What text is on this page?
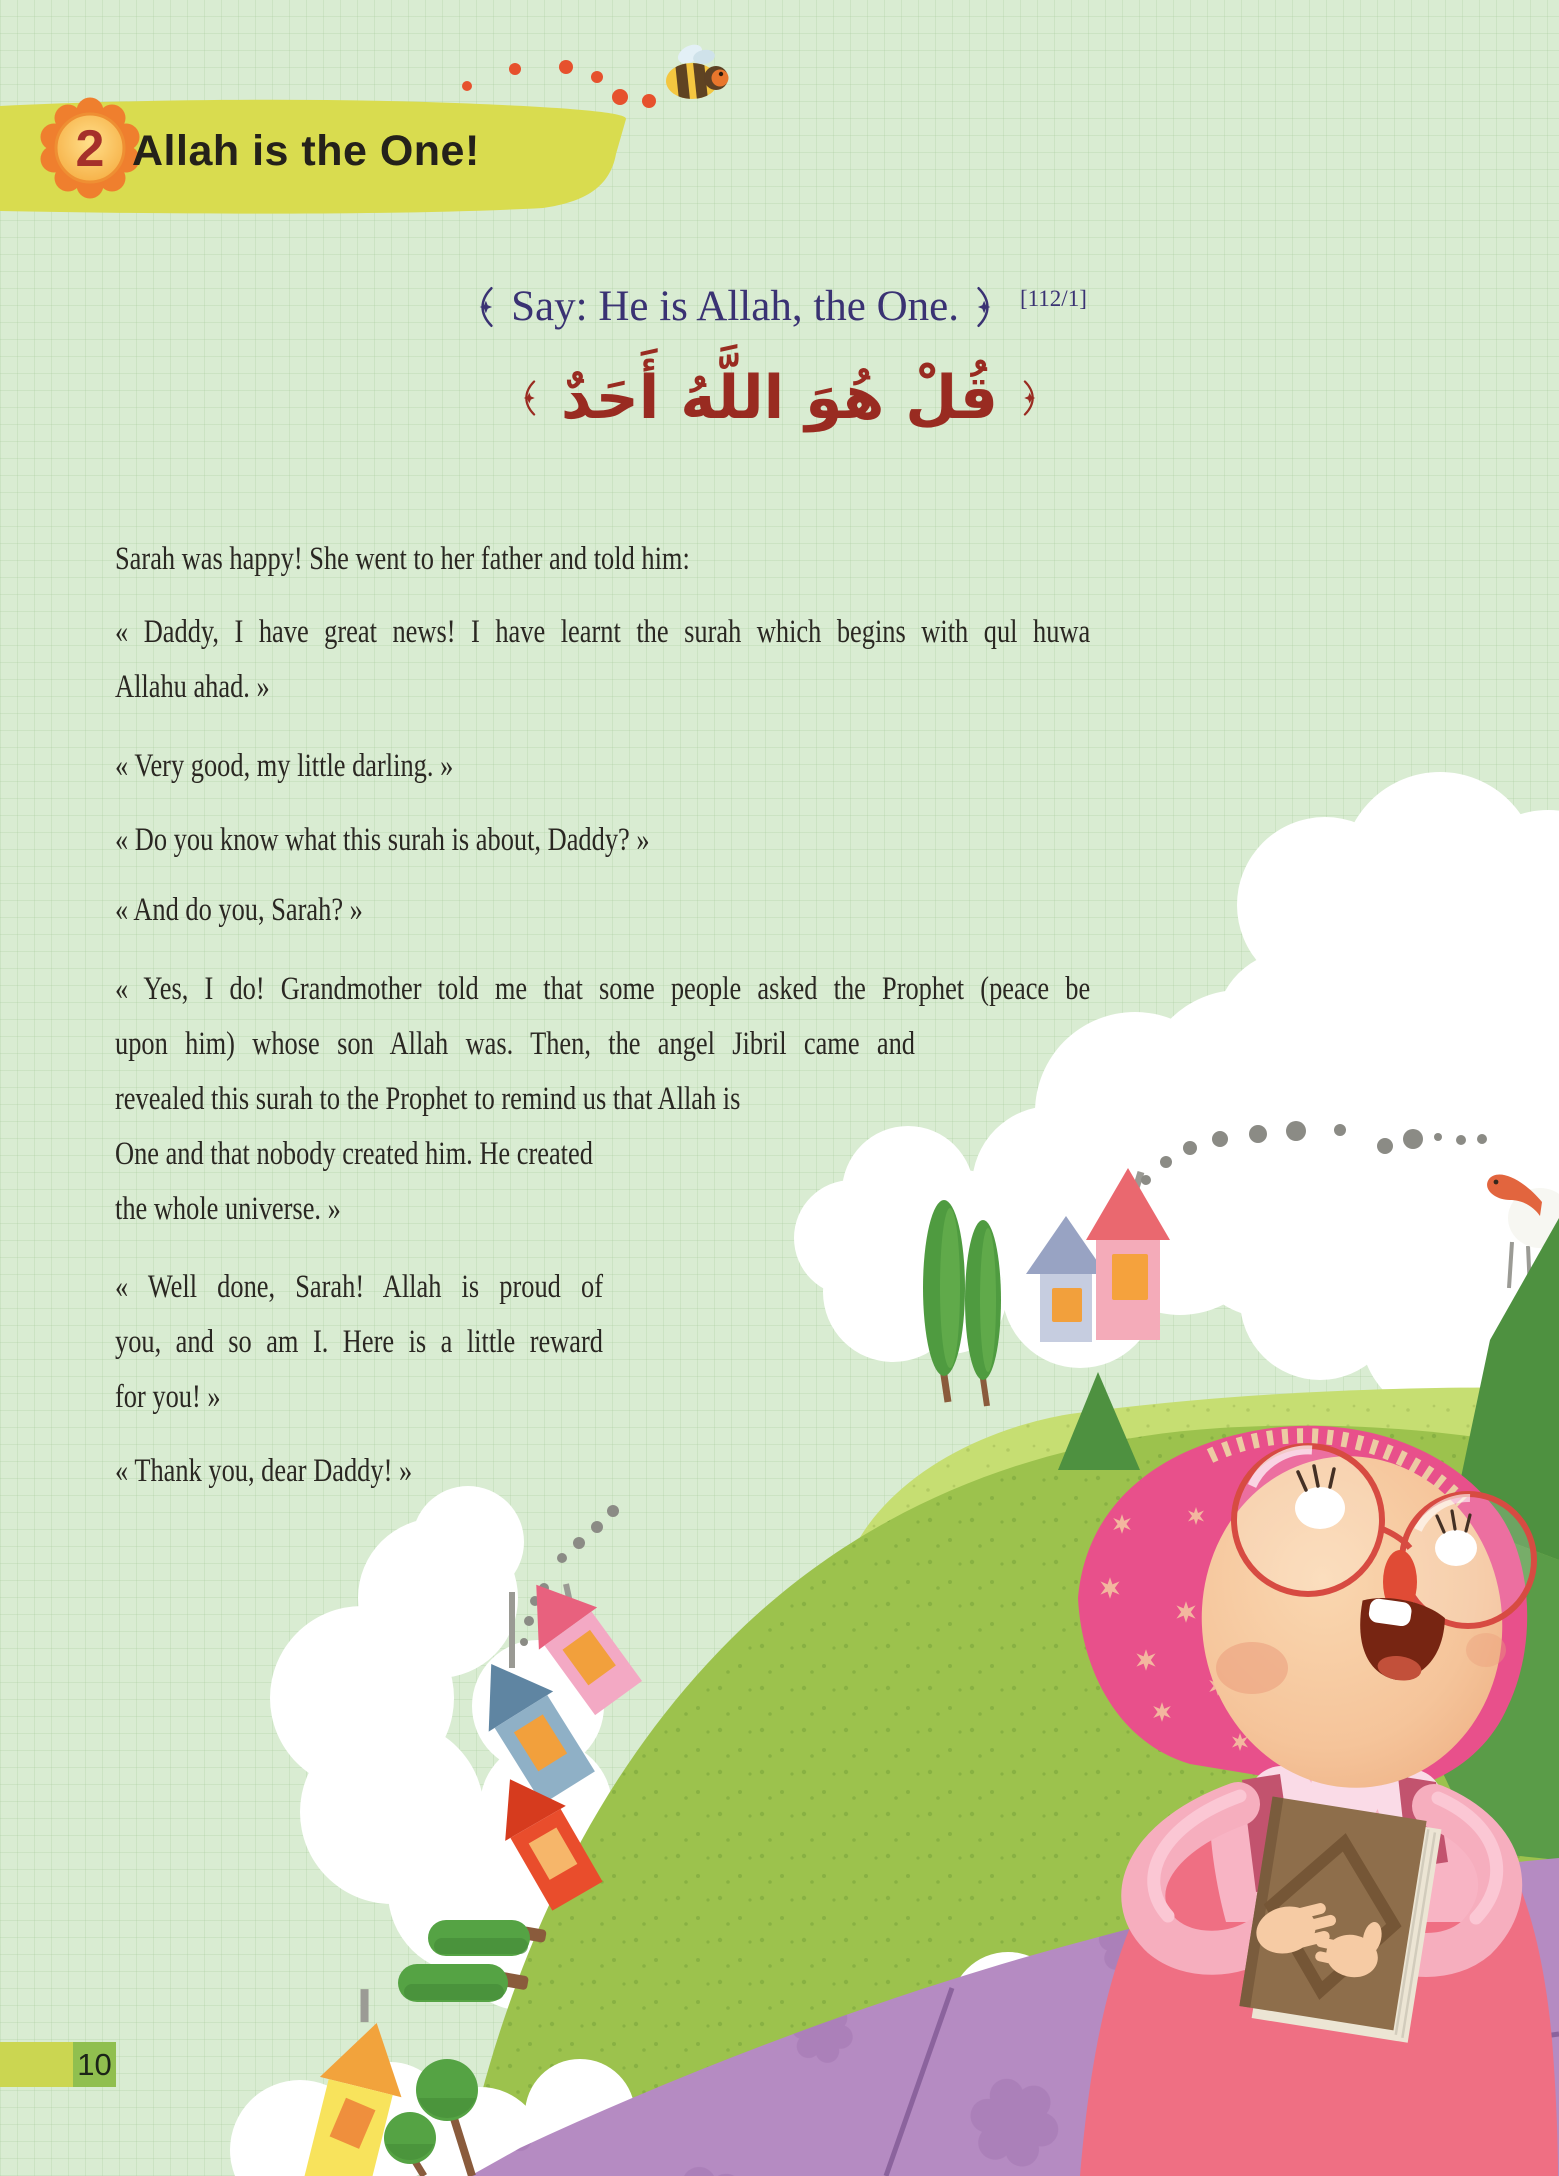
2 Allah is the One!
Say: He is Allah, the One.	[112/1]
قُلْ هُوَ اللَّهُ أَحَدٌ
Sarah was happy! She went to her father and told him:
« Daddy, I have great news! I have learnt the surah which begins with qul huwa
Allahu ahad. »
« Very good, my little darling. »
« Do you know what this surah is about, Daddy? »
« And do you, Sarah? »
« Yes, I do! Grandmother told me that some people asked the Prophet (peace be
upon him) whose son Allah was. Then, the angel Jibril came and
revealed this surah to the Prophet to remind us that Allah is
One and that nobody created him. He created
the whole universe. »
« Well done, Sarah! Allah is proud of
you, and so am I. Here is a little reward
for you! »
« Thank you, dear Daddy! »
10
